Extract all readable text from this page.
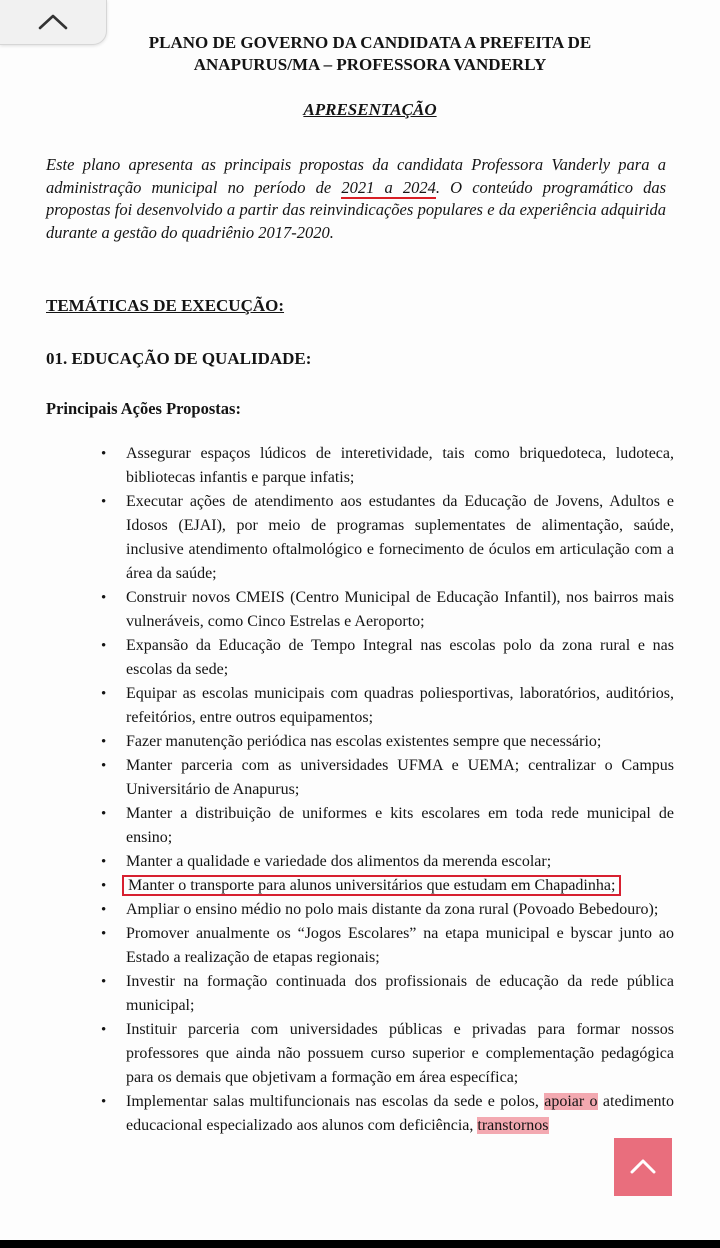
PLANO DE GOVERNO DA CANDIDATA A PREFEITA DE
ANAPURUS/MA – PROFESSORA VANDERLY
APRESENTAÇÃO
Este plano apresenta as principais propostas da candidata Professora Vanderly para a administração municipal no período de 2021 a 2024. O conteúdo programático das propostas foi desenvolvido a partir das reinvindicações populares e da experiência adquirida durante a gestão do quadriênio 2017-2020.
TEMÁTICAS DE EXECUÇÃO:
01. EDUCAÇÃO DE QUALIDADE:
Principais Ações Propostas:
• Assegurar espaços lúdicos de interetividade, tais como briquedoteca, ludoteca, bibliotecas infantis e parque infatis;
• Executar ações de atendimento aos estudantes da Educação de Jovens, Adultos e Idosos (EJAI), por meio de programas suplementates de alimentação, saúde, inclusive atendimento oftalmológico e fornecimento de óculos em articulação com a área da saúde;
• Construir novos CMEIS (Centro Municipal de Educação Infantil), nos bairros mais vulneráveis, como Cinco Estrelas e Aeroporto;
• Expansão da Educação de Tempo Integral nas escolas polo da zona rural e nas escolas da sede;
• Equipar as escolas municipais com quadras poliesportivas, laboratórios, auditórios, refeitórios, entre outros equipamentos;
• Fazer manutenção periódica nas escolas existentes sempre que necessário;
• Manter parceria com as universidades UFMA e UEMA; centralizar o Campus Universitário de Anapurus;
• Manter a distribuição de uniformes e kits escolares em toda rede municipal de ensino;
• Manter a qualidade e variedade dos alimentos da merenda escolar;
• Manter o transporte para alunos universitários que estudam em Chapadinha;
• Ampliar o ensino médio no polo mais distante da zona rural (Povoado Bebedouro);
• Promover anualmente os “Jogos Escolares” na etapa municipal e byscar junto ao Estado a realização de etapas regionais;
• Investir na formação continuada dos profissionais de educação da rede pública municipal;
• Instituir parceria com universidades públicas e privadas para formar nossos professores que ainda não possuem curso superior e complementação pedagógica para os demais que objetivam a formação em área específica;
• Implementar salas multifuncionais nas escolas da sede e polos, apoiar o atedimento educacional especializado aos alunos com deficiência, transtornos
